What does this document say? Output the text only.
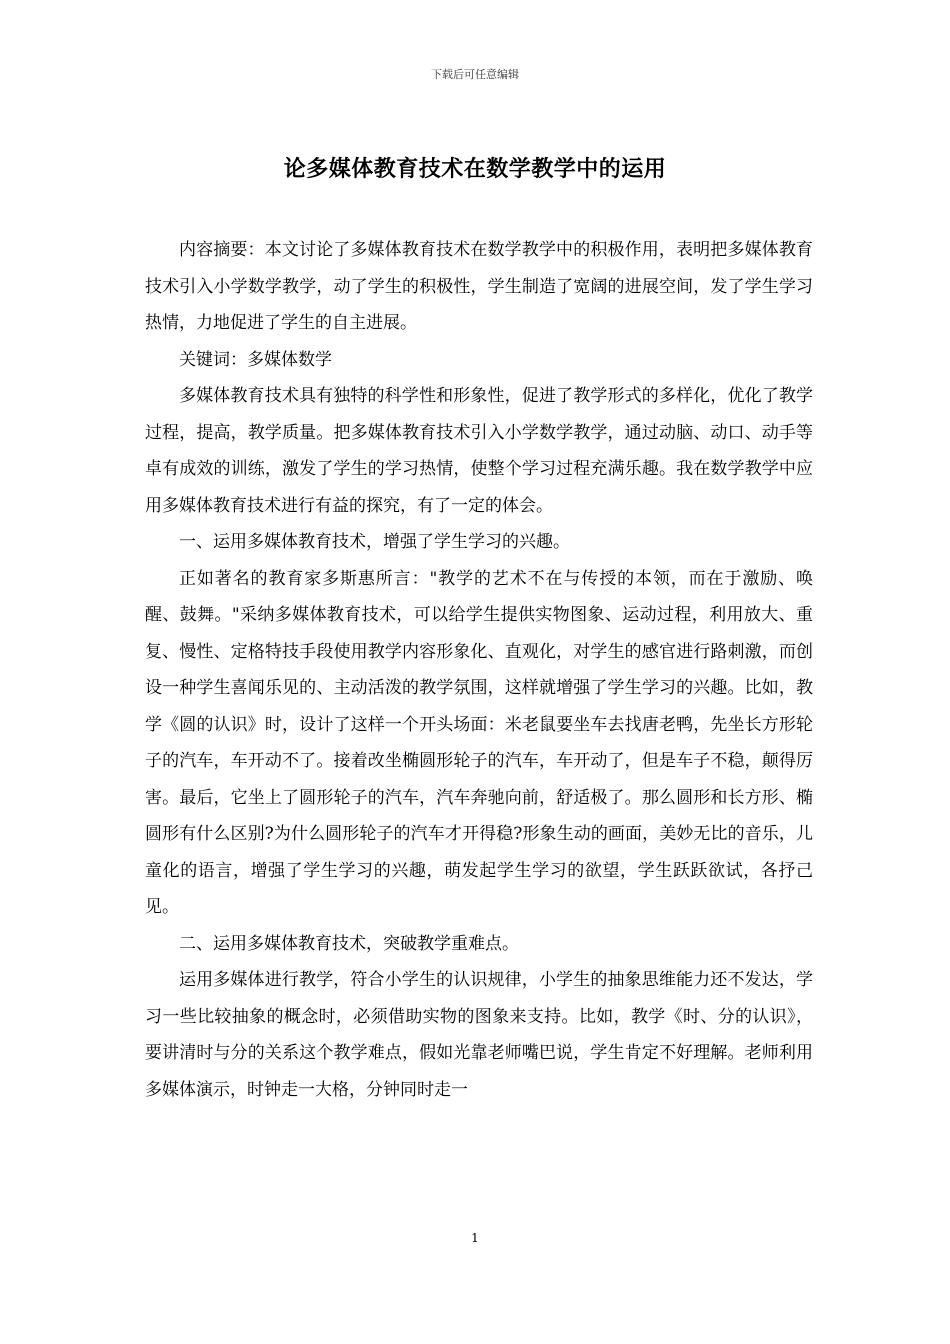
下载后可任意编辑
论多媒体教育技术在数学教学中的运用

内容摘要：本文讨论了多媒体教育技术在数学教学中的积极作用，表明把多媒体教育技术引入小学数学教学，动了学生的积极性，学生制造了宽阔的进展空间，发了学生学习热情，力地促进了学生的自主进展。

关键词：多媒体数学

多媒体教育技术具有独特的科学性和形象性，促进了教学形式的多样化，优化了教学过程，提高，教学质量。把多媒体教育技术引入小学数学教学，通过动脑、动口、动手等卓有成效的训练，激发了学生的学习热情，使整个学习过程充满乐趣。我在数学教学中应用多媒体教育技术进行有益的探究，有了一定的体会。

一、运用多媒体教育技术，增强了学生学习的兴趣。

正如著名的教育家多斯惠所言："教学的艺术不在与传授的本领，而在于激励、唤醒、鼓舞。"采纳多媒体教育技术，可以给学生提供实物图象、运动过程，利用放大、重复、慢性、定格特技手段使用教学内容形象化、直观化，对学生的感官进行路刺激，而创设一种学生喜闻乐见的、主动活泼的教学氛围，这样就增强了学生学习的兴趣。比如，教学《圆的认识》时，设计了这样一个开头场面：米老鼠要坐车去找唐老鸭，先坐长方形轮子的汽车，车开动不了。接着改坐椭圆形轮子的汽车，车开动了，但是车子不稳，颠得厉害。最后，它坐上了圆形轮子的汽车，汽车奔驰向前，舒适极了。那么圆形和长方形、椭圆形有什么区别?为什么圆形轮子的汽车才开得稳?形象生动的画面，美妙无比的音乐，儿童化的语言，增强了学生学习的兴趣，萌发起学生学习的欲望，学生跃跃欲试，各抒己见。

二、运用多媒体教育技术，突破教学重难点。

运用多媒体进行教学，符合小学生的认识规律，小学生的抽象思维能力还不发达，学习一些比较抽象的概念时，必须借助实物的图象来支持。比如，教学《时、分的认识》，要讲清时与分的关系这个教学难点，假如光靠老师嘴巴说，学生肯定不好理解。老师利用多媒体演示，时钟走一大格，分钟同时走一

1
